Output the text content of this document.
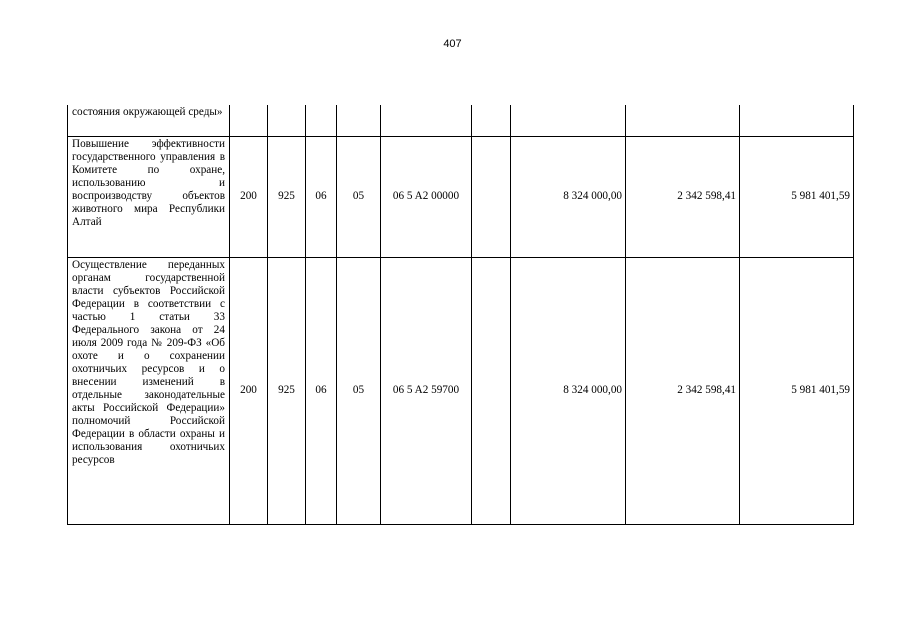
407
состояния окружающей среды»									
Повышение эффективности государственного управления в Комитете по охране, использованию и воспроизводству объектов животного мира Республики Алтай	200	925	06	05	06 5 A2 00000		8 324 000,00	2 342 598,41	5 981 401,59
Осуществление переданных органам государственной власти субъектов Российской Федерации в соответствии с частью 1 статьи 33 Федерального закона от 24 июля 2009 года № 209-ФЗ «Об охоте и о сохранении охотничьих ресурсов и о внесении изменений в отдельные законодательные акты Российской Федерации» полномочий Российской Федерации в области охраны и использования охотничьих ресурсов	200	925	06	05	06 5 A2 59700		8 324 000,00	2 342 598,41	5 981 401,59
